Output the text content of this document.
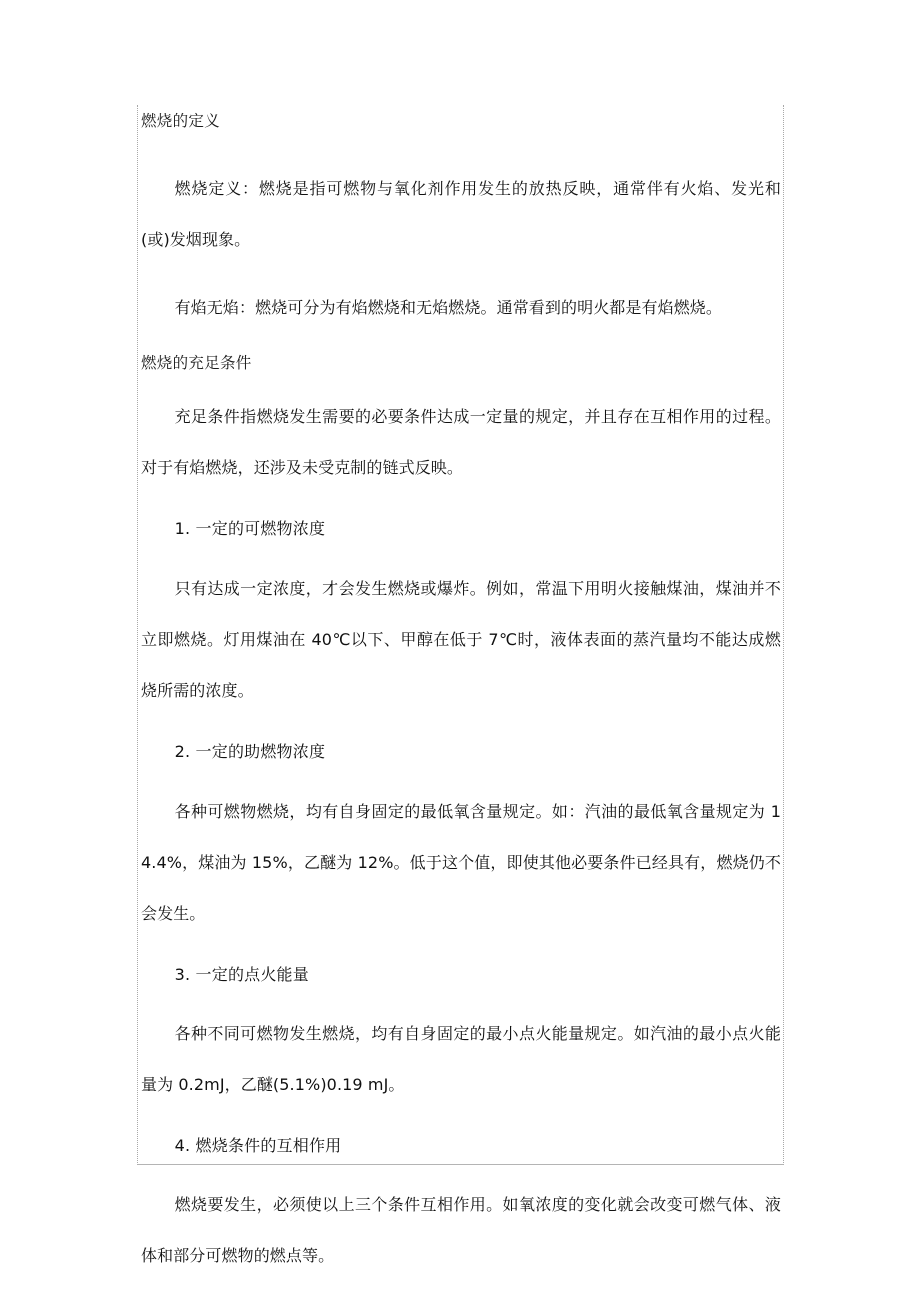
燃烧的定义
燃烧定义：燃烧是指可燃物与氧化剂作用发生的放热反映，通常伴有火焰、发光和(或)发烟现象。
有焰无焰：燃烧可分为有焰燃烧和无焰燃烧。通常看到的明火都是有焰燃烧。
燃烧的充足条件
充足条件指燃烧发生需要的必要条件达成一定量的规定，并且存在互相作用的过程。对于有焰燃烧，还涉及未受克制的链式反映。
1. 一定的可燃物浓度
只有达成一定浓度，才会发生燃烧或爆炸。例如，常温下用明火接触煤油，煤油并不立即燃烧。灯用煤油在 40℃以下、甲醇在低于 7℃时，液体表面的蒸汽量均不能达成燃烧所需的浓度。
2. 一定的助燃物浓度
各种可燃物燃烧，均有自身固定的最低氧含量规定。如：汽油的最低氧含量规定为 14.4%，煤油为 15%，乙醚为 12%。低于这个值，即使其他必要条件已经具有，燃烧仍不会发生。
3. 一定的点火能量
各种不同可燃物发生燃烧，均有自身固定的最小点火能量规定。如汽油的最小点火能量为 0.2mJ，乙醚(5.1%)0.19 mJ。
4. 燃烧条件的互相作用
燃烧要发生，必须使以上三个条件互相作用。如氧浓度的变化就会改变可燃气体、液体和部分可燃物的燃点等。
